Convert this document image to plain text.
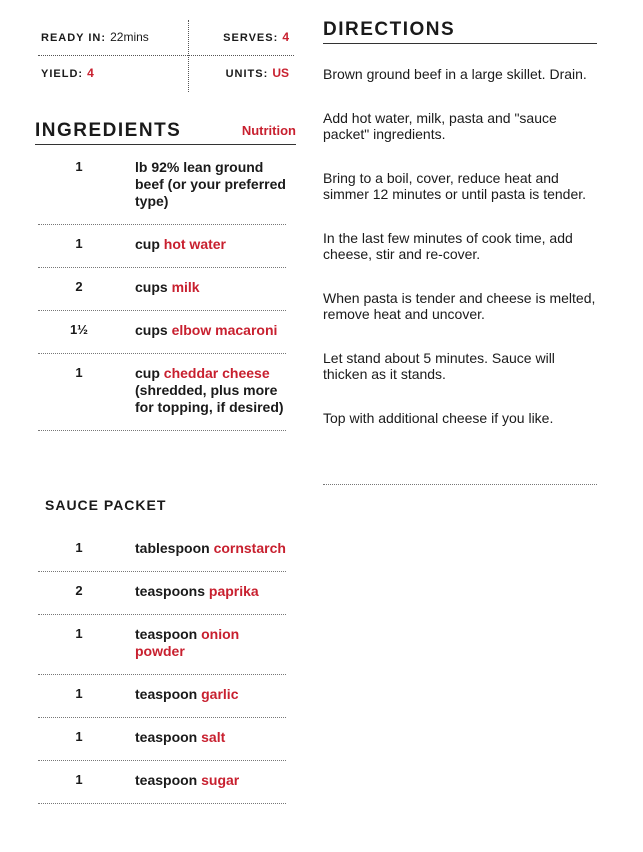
READY IN: 22mins	SERVES: 4
YIELD: 4	UNITS: US
INGREDIENTS	Nutrition
1	lb 92% lean ground beef (or your preferred type)
1	cup hot water
2	cups milk
1½	cups elbow macaroni
1	cup cheddar cheese (shredded, plus more for topping, if desired)
SAUCE PACKET
1	tablespoon cornstarch
2	teaspoons paprika
1	teaspoon onion powder
1	teaspoon garlic
1	teaspoon salt
1	teaspoon sugar
DIRECTIONS
Brown ground beef in a large skillet. Drain.
Add hot water, milk, pasta and "sauce packet" ingredients.
Bring to a boil, cover, reduce heat and simmer 12 minutes or until pasta is tender.
In the last few minutes of cook time, add cheese, stir and re-cover.
When pasta is tender and cheese is melted, remove heat and uncover.
Let stand about 5 minutes. Sauce will thicken as it stands.
Top with additional cheese if you like.
